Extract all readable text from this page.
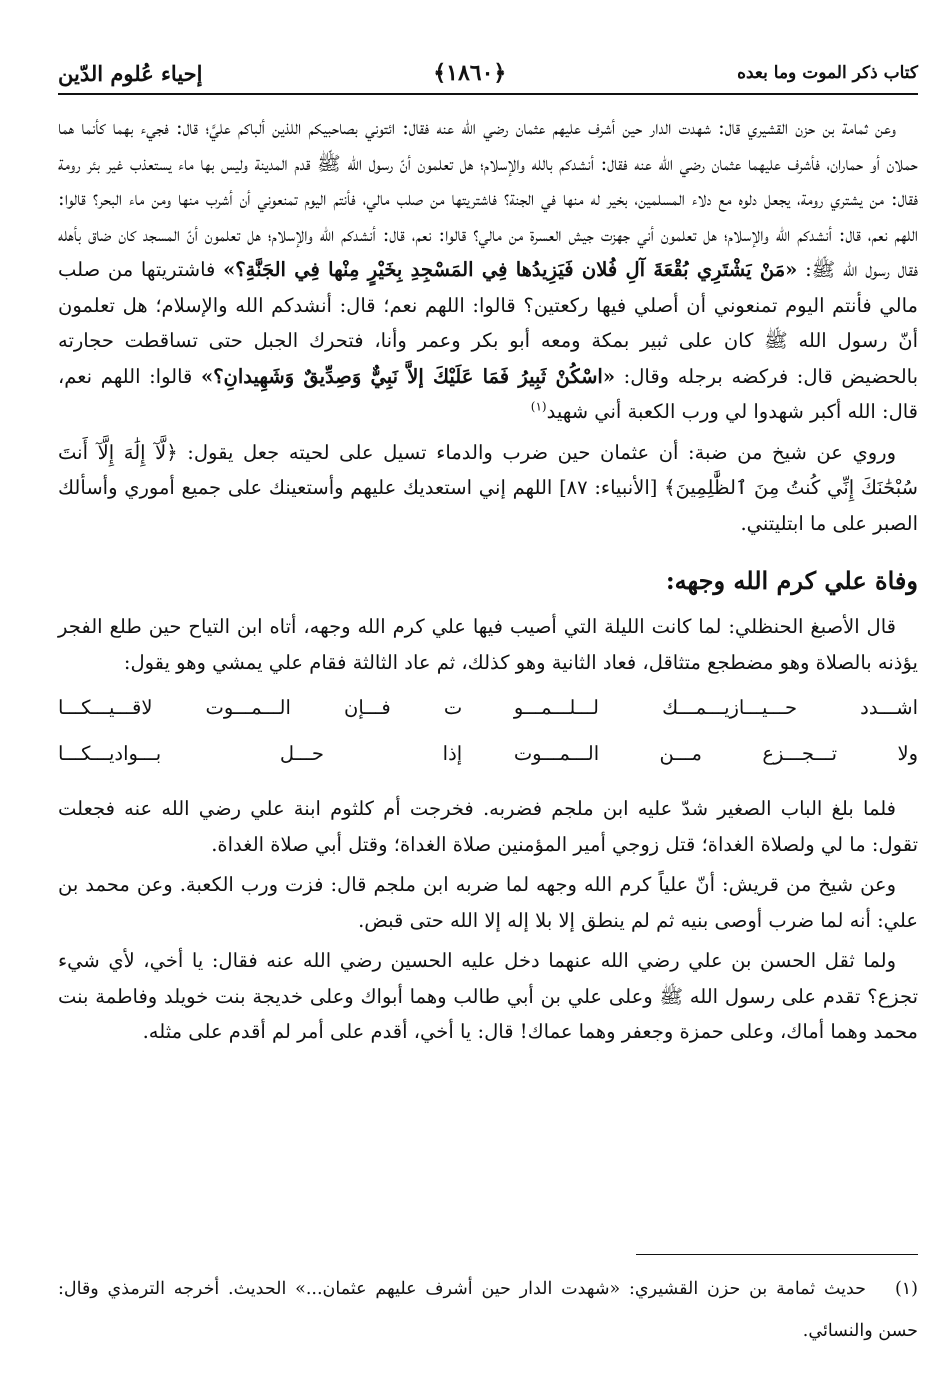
إحياء عُلوم الدّين	﴿١٨٦٠﴾	كتاب ذكر الموت وما بعده

وعن ثمامة بن حزن القشيري قال: شهدت الدار حين أشرف عليهم عثمان رضي الله عنه فقال: ائتوني بصاحبيكم اللذين ألباكم عليَّ؛ قال: فجيء بهما كأنما هما حملان أو حماران، فأشرف عليهما عثمان رضي الله عنه فقال: أنشدكم بالله والإسلام؛ هل تعلمون أنّ رسول الله ﷺ قدم المدينة وليس بها ماء يستعذب غير بئر رومة فقال: من يشتري رومة، يجعل دلوه مع دلاء المسلمين، بخير له منها في الجنة؟ فاشتريتها من صلب مالي، فأنتم اليوم تمنعوني أن أشرب منها ومن ماء البحر؟ قالوا: اللهم نعم، قال: أنشدكم الله والإسلام؛ هل تعلمون أني جهزت جيش العسرة من مالي؟ قالوا: نعم، قال: أنشدكم الله والإسلام؛ هل تعلمون أنّ المسجد كان ضاق بأهله فقال رسول الله ﷺ: «مَنْ يَشْتَرِي بُقْعَةَ آلِ فُلان فَيَزِيدُها فِي المَسْجِدِ بِخَيْرٍ مِنْها فِي الجَنَّةِ؟» فاشتريتها من صلب مالي فأنتم اليوم تمنعوني أن أصلي فيها ركعتين؟ قالوا: اللهم نعم؛ قال: أنشدكم الله والإسلام؛ هل تعلمون أنّ رسول الله ﷺ كان على ثبير بمكة ومعه أبو بكر وعمر وأنا، فتحرك الجبل حتى تساقطت حجارته بالحضيض قال: فركضه برجله وقال: «اسْكُنْ ثَبِيرُ فَمَا عَلَيْكَ إلاَّ نَبِيٌّ وَصِدِّيقٌ وَشَهِيدانِ؟» قالوا: اللهم نعم، قال: الله أكبر شهدوا لي ورب الكعبة أني شهيد$^{(١)}$

وروي عن شيخ من ضبة: أن عثمان حين ضرب والدماء تسيل على لحيته جعل يقول: ﴿لَّآ إِلَٰهَ إِلَّآ أَنتَ سُبْحَٰنَكَ إِنِّي كُنتُ مِنَ ٱلظَّٰلِمِينَ﴾ [الأنبياء: ٨٧] اللهم إني استعديك عليهم وأستعينك على جميع أموري وأسألك الصبر على ما ابتليتني.

وفاة علي كرم الله وجهه:

قال الأصبغ الحنظلي: لما كانت الليلة التي أصيب فيها علي كرم الله وجهه، أتاه ابن التياح حين طلع الفجر يؤذنه بالصلاة وهو مضطجع متثاقل، فعاد الثانية وهو كذلك، ثم عاد الثالثة فقام علي يمشي وهو يقول:

اشـــدد حـــيـــازيـــمـــك لـــلـــمـــو
ت فـــإن الـــمـــوت لاقـــيـــكـــا
ولا تـــجـــزع مـــن الـــمـــوت
إذا حـــل بـــواديـــكـــا

فلما بلغ الباب الصغير شدّ عليه ابن ملجم فضربه. فخرجت أم كلثوم ابنة علي رضي الله عنه فجعلت تقول: ما لي ولصلاة الغداة؛ قتل زوجي أمير المؤمنين صلاة الغداة؛ وقتل أبي صلاة الغداة.

وعن شيخ من قريش: أنّ علياً كرم الله وجهه لما ضربه ابن ملجم قال: فزت ورب الكعبة. وعن محمد بن علي: أنه لما ضرب أوصى بنيه ثم لم ينطق إلا بلا إله إلا الله حتى قبض.

ولما ثقل الحسن بن علي رضي الله عنهما دخل عليه الحسين رضي الله عنه فقال: يا أخي، لأي شيء تجزع؟ تقدم على رسول الله ﷺ وعلى علي بن أبي طالب وهما أبواك وعلى خديجة بنت خويلد وفاطمة بنت محمد وهما أماك، وعلى حمزة وجعفر وهما عماك! قال: يا أخي، أقدم على أمر لم أقدم على مثله.

(١)حديث ثمامة بن حزن القشيري: «شهدت الدار حين أشرف عليهم عثمان...» الحديث. أخرجه الترمذي وقال: حسن والنسائي.
